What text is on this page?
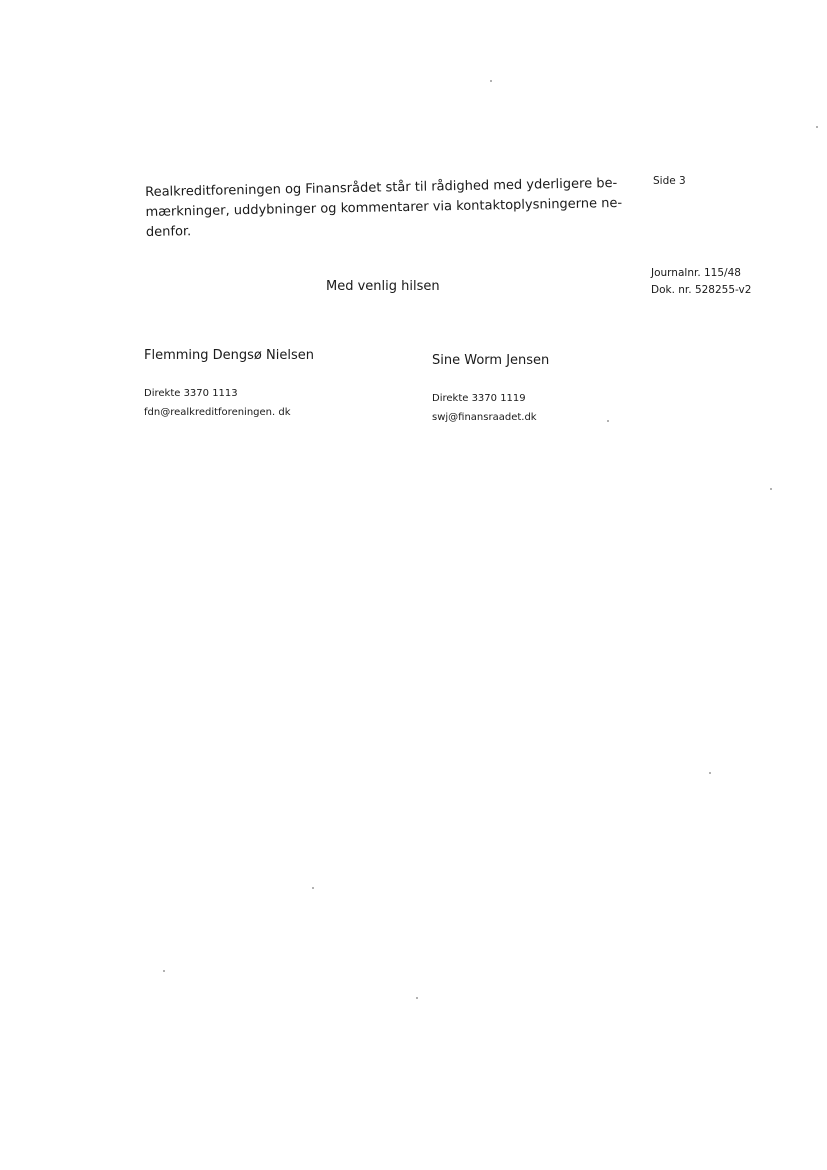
Side 3
Realkreditforeningen og Finansrådet står til rådighed med yderligere be-
mærkninger, uddybninger og kommentarer via kontaktoplysningerne ne-
denfor.
Journalnr. 115/48
Dok. nr. 528255-v2
Med venlig hilsen
Flemming Dengsø Nielsen
Direkte 3370 1113
fdn@realkreditforeningen. dk
Sine Worm Jensen
Direkte 3370 1119
swj@finansraadet.dk
